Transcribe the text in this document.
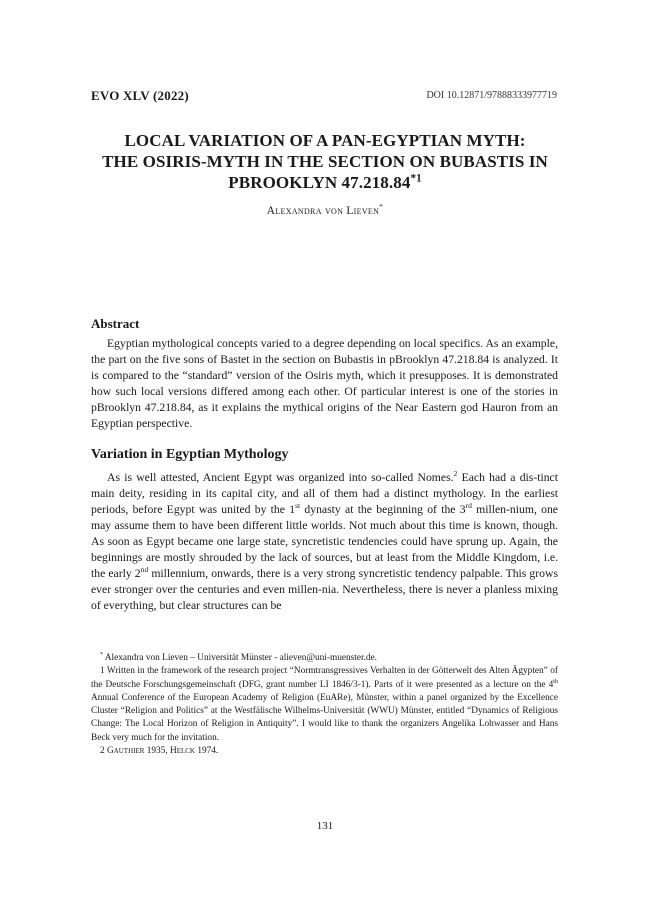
EVO XLV (2022)	DOI 10.12871/97888333977719
LOCAL VARIATION OF A PAN-EGYPTIAN MYTH:
THE OSIRIS-MYTH IN THE SECTION ON BUBASTIS IN
PBROOKLYN 47.218.84$^{*1}$
Alexandra von Lieven*
Abstract

Egyptian mythological concepts varied to a degree depending on local specifics. As an example, the part on the five sons of Bastet in the section on Bubastis in pBrooklyn 47.218.84 is analyzed. It is compared to the “standard” version of the Osiris myth, which it presupposes. It is demonstrated how such local versions differed among each other. Of particular interest is one of the stories in pBrooklyn 47.218.84, as it explains the mythical origins of the Near Eastern god Hauron from an Egyptian perspective.

Variation in Egyptian Mythology

As is well attested, Ancient Egypt was organized into so-called Nomes.$^2$ Each had a dis-tinct main deity, residing in its capital city, and all of them had a distinct mythology. In the earliest periods, before Egypt was united by the 1st dynasty at the beginning of the 3rd millen-nium, one may assume them to have been different little worlds. Not much about this time is known, though. As soon as Egypt became one large state, syncretistic tendencies could have sprung up. Again, the beginnings are mostly shrouded by the lack of sources, but at least from the Middle Kingdom, i.e. the early 2nd millennium, onwards, there is a very strong syncretistic tendency palpable. This grows ever stronger over the centuries and even millen-nia. Nevertheless, there is never a planless mixing of everything, but clear structures can be

* Alexandra von Lieven – Universität Münster - alieven@uni-muenster.de.

1 Written in the framework of the research project “Normtransgressives Verhalten in der Götterwelt des Alten Ägypten” of the Deutsche Forschungsgemeinschaft (DFG, grant number LI 1846/3-1). Parts of it were presented as a lecture on the 4th Annual Conference of the European Academy of Religion (EuARe), Münster, within a panel organized by the Excellence Cluster “Religion and Politics” at the Westfälische Wilhelms-Universität (WWU) Münster, entitled “Dynamics of Religious Change: The Local Horizon of Religion in Antiquity”. I would like to thank the organizers Angelika Lohwasser and Hans Beck very much for the invitation.

2 Gauthier 1935, Helck 1974.

131
